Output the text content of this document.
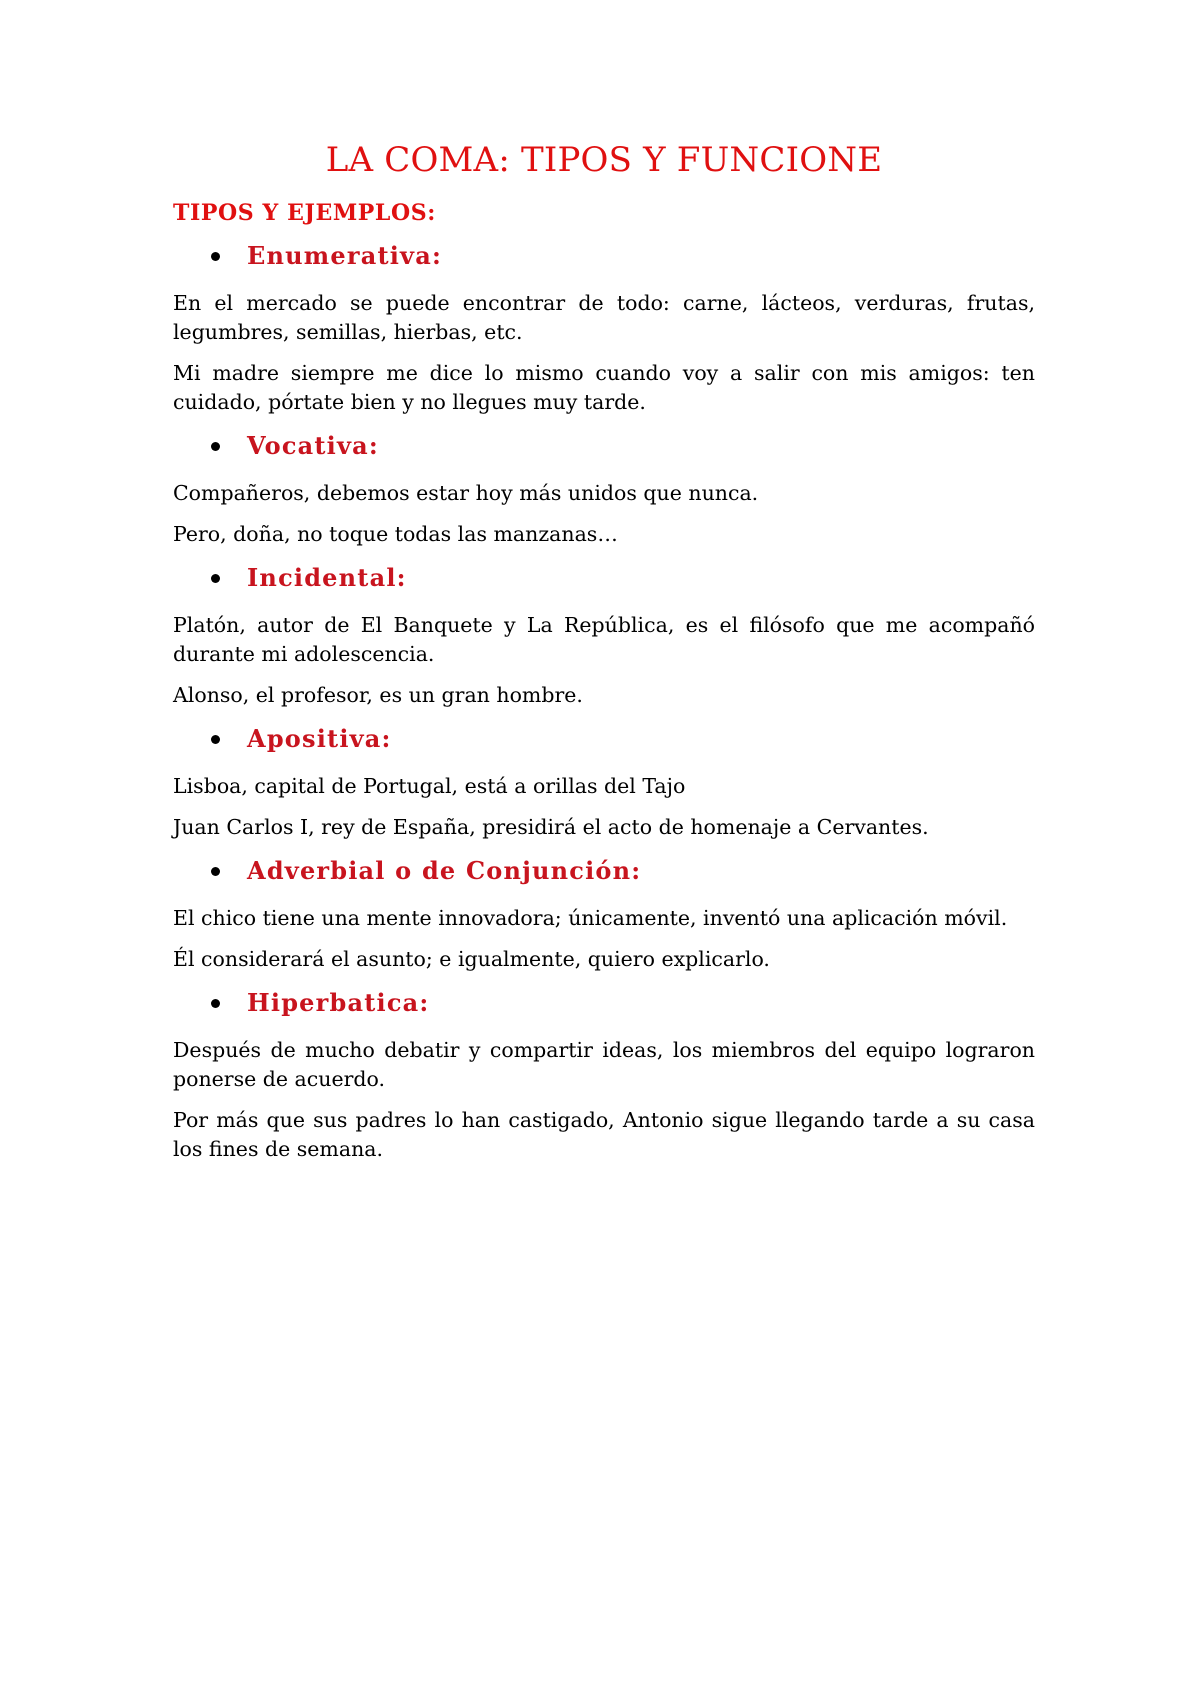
LA COMA: TIPOS Y FUNCIONE
TIPOS Y EJEMPLOS:
Enumerativa:

En el mercado se puede encontrar de todo: carne, lácteos, verduras, frutas, legumbres, semillas, hierbas, etc.

Mi madre siempre me dice lo mismo cuando voy a salir con mis amigos: ten cuidado, pórtate bien y no llegues muy tarde.

Vocativa:

Compañeros, debemos estar hoy más unidos que nunca.

Pero, doña, no toque todas las manzanas…

Incidental:

Platón, autor de El Banquete y La República, es el filósofo que me acompañó durante mi adolescencia.

Alonso, el profesor, es un gran hombre.

Apositiva:

Lisboa, capital de Portugal, está a orillas del Tajo

Juan Carlos I, rey de España, presidirá el acto de homenaje a Cervantes.

Adverbial o de Conjunción:

El chico tiene una mente innovadora; únicamente, inventó una aplicación móvil.

Él considerará el asunto; e igualmente, quiero explicarlo.

Hiperbatica:

Después de mucho debatir y compartir ideas, los miembros del equipo lograron ponerse de acuerdo.

Por más que sus padres lo han castigado, Antonio sigue llegando tarde a su casa los fines de semana.
